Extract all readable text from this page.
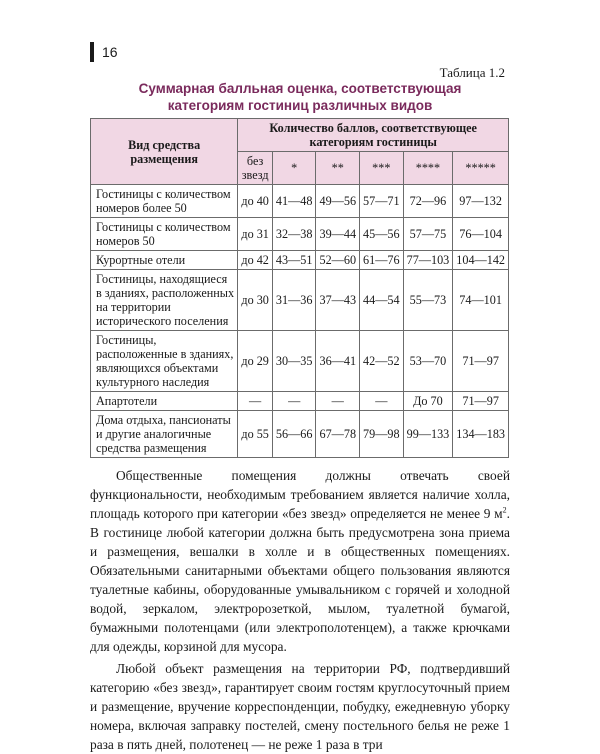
16
Таблица 1.2
Суммарная балльная оценка, соответствующая
категориям гостиниц различных видов
Вид средства размещения	Количество баллов, соответствующее категориям гостиницы					
	без звезд	*	**	***	****	*****
Гостиницы с количеством номеров более 50	до 40	41—48	49—56	57—71	72—96	97—132
Гостиницы с количеством номеров 50	до 31	32—38	39—44	45—56	57—75	76—104
Курортные отели	до 42	43—51	52—60	61—76	77—103	104—142
Гостиницы, находящиеся в зданиях, расположенных на территории исторического поселения	до 30	31—36	37—43	44—54	55—73	74—101
Гостиницы, расположенные в зданиях, являющихся объектами культурного наследия	до 29	30—35	36—41	42—52	53—70	71—97
Апартотели	—	—	—	—	До 70	71—97
Дома отдыха, пансионаты и другие аналогичные средства размещения	до 55	56—66	67—78	79—98	99—133	134—183

Общественные помещения должны отвечать своей функциональности, необходимым требованием является наличие холла, площадь которого при категории «без звезд» определяется не менее 9 $м^2$. В гостинице любой категории должна быть предусмотрена зона приема и размещения, вешалки в холле и в общественных помещениях. Обязательными санитарными объектами общего пользования являются туалетные кабины, оборудованные умывальником с горячей и холодной водой, зеркалом, электророзеткой, мылом, туалетной бумагой, бумажными полотенцами (или электрополотенцем), а также крючками для одежды, корзиной для мусора.

Любой объект размещения на территории РФ, подтвердивший категорию «без звезд», гарантирует своим гостям круглосуточный прием и размещение, вручение корреспонденции, побудку, ежедневную уборку номера, включая заправку постелей, смену постельного белья не реже 1 раза в пять дней, полотенец — не реже 1 раза в три
